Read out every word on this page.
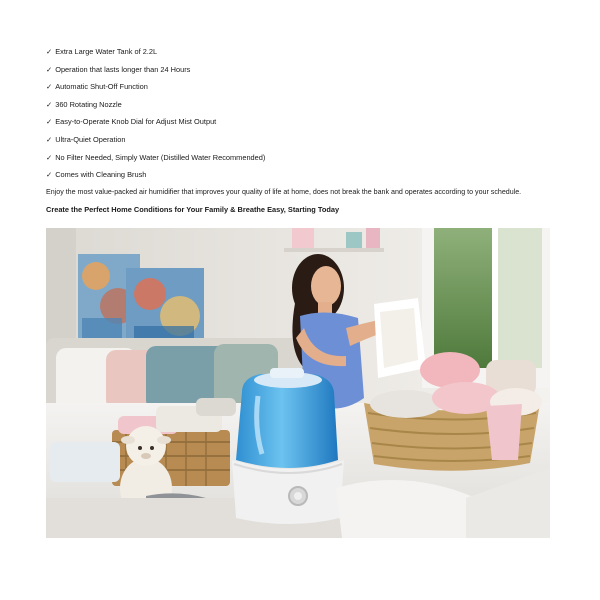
✓ Extra Large Water Tank of 2.2L
✓ Operation that lasts longer than 24 Hours
✓ Automatic Shut-Off Function
✓ 360 Rotating Nozzle
✓ Easy-to-Operate Knob Dial for Adjust Mist Output
✓ Ultra-Quiet Operation
✓ No Filter Needed, Simply Water (Distilled Water Recommended)
✓ Comes with Cleaning Brush

Enjoy the most value-packed air humidifier that improves your quality of life at home, does not break the bank and operates according to your schedule.

Create the Perfect Home Conditions for Your Family & Breathe Easy, Starting Today
